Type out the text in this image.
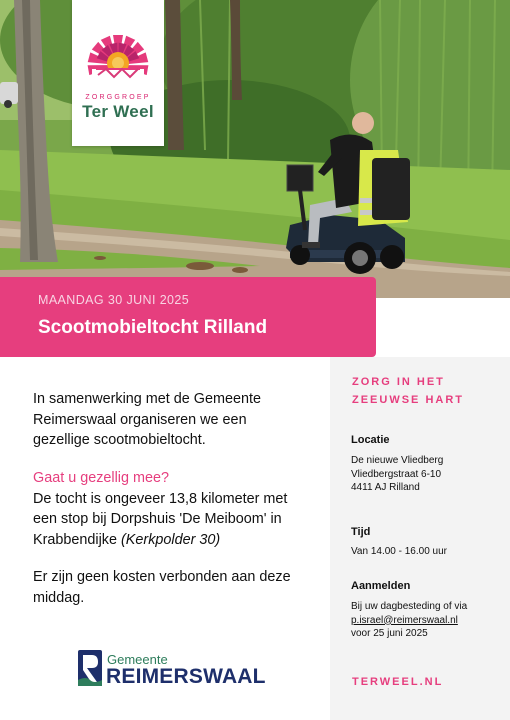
ZORGGROEP
Ter Weel
MAANDAG 30 JUNI 2025
Scootmobieltocht Rilland
In samenwerking met de Gemeente
Reimerswaal organiseren we een
gezellige scootmobieltocht.
Gaat u gezellig mee?
De tocht is ongeveer 13,8 kilometer met
een stop bij Dorpshuis 'De Meiboom' in
Krabbendijke (Kerkpolder 30)
Er zijn geen kosten verbonden aan deze
middag.
Gemeente
REIMERSWAAL
ZORG IN HET
ZEEUWSE HART
Locatie
De nieuwe Vliedberg
Vliedbergstraat 6-10
4411 AJ Rilland
Tijd
Van 14.00 - 16.00 uur
Aanmelden
Bij uw dagbesteding of via
p.israel@reimerswaal.nl
voor 25 juni 2025
TERWEEL.NL
